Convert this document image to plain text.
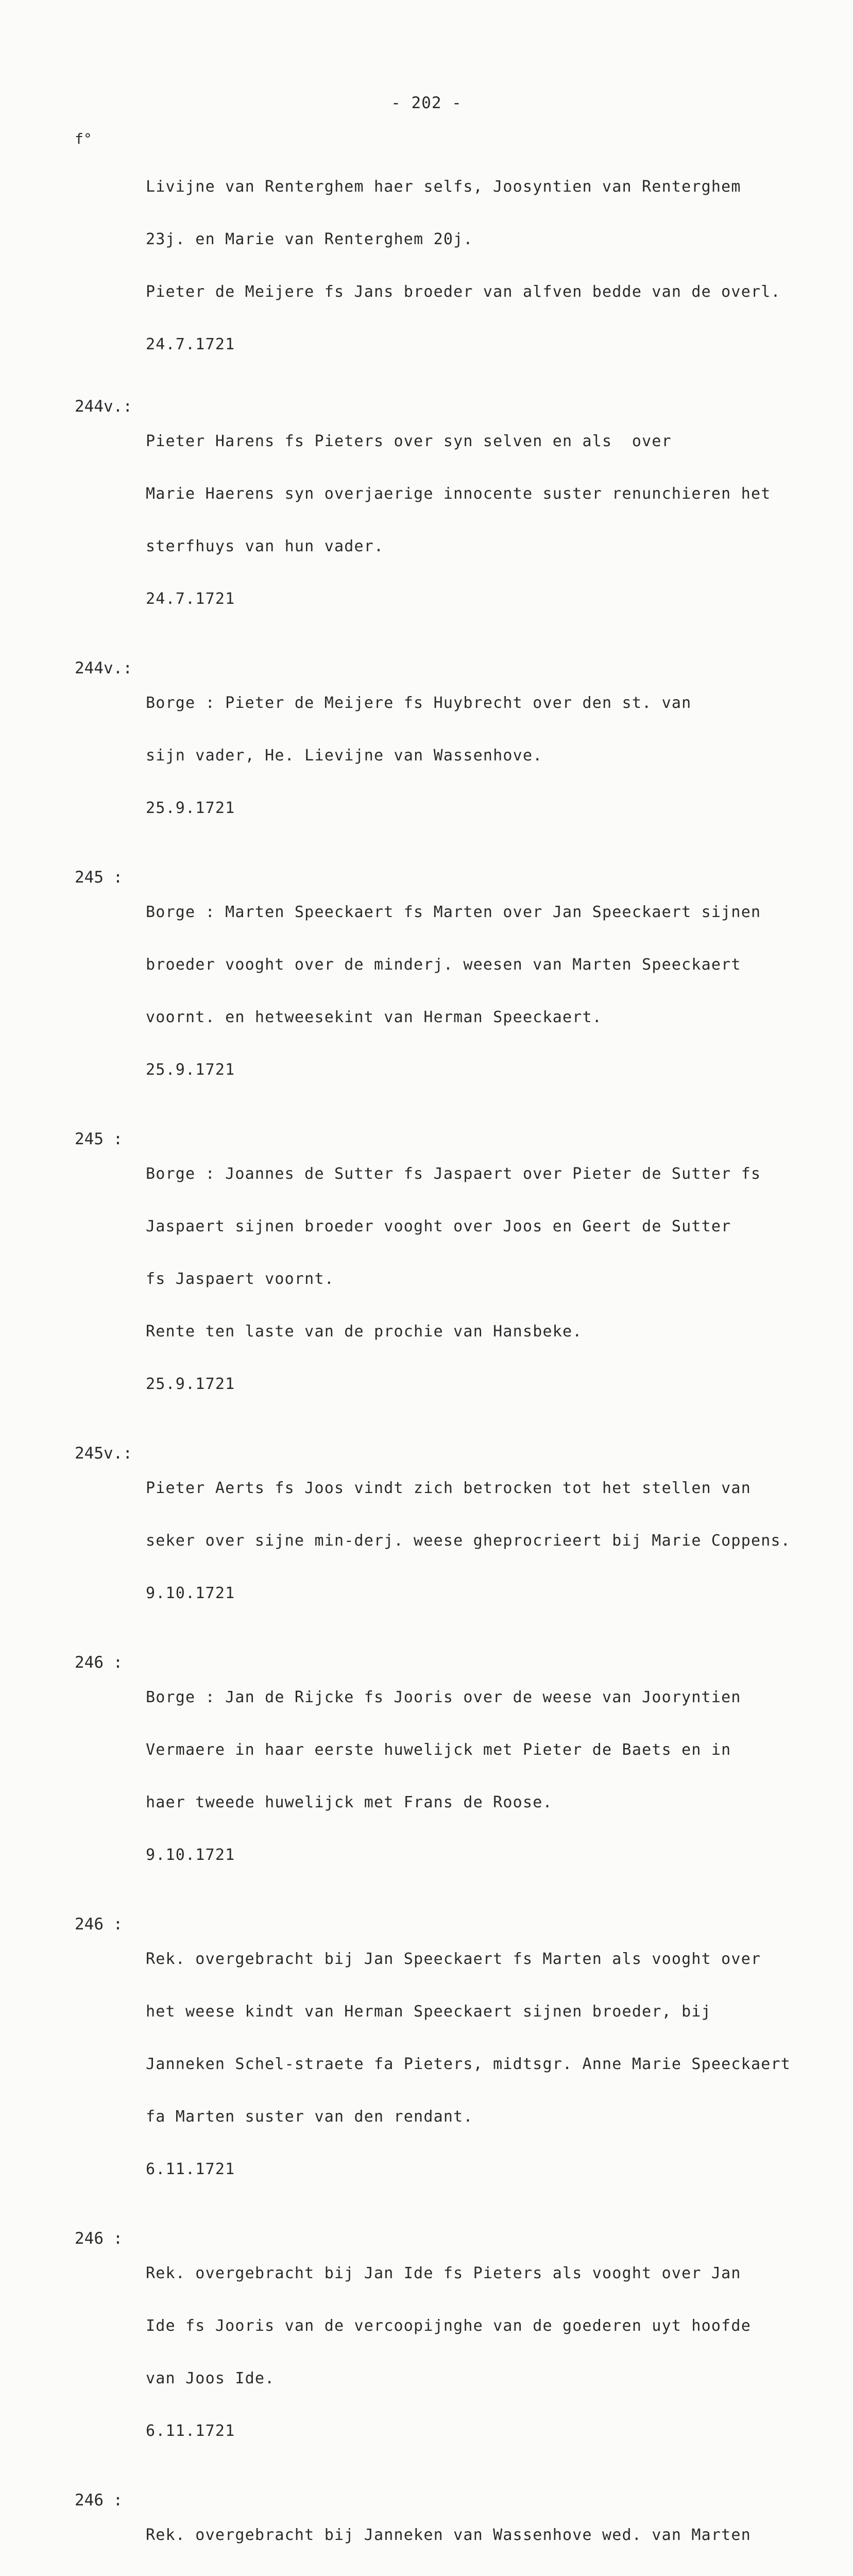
- 202 -
f°

Livijne van Renterghem haer selfs, Joosyntien van Renterghem

23j. en Marie van Renterghem 20j.

Pieter de Meijere fs Jans broeder van alfven bedde van de overl.

24.7.1721

244v.:

Pieter Harens fs Pieters over syn selven en als  over

Marie Haerens syn overjaerige innocente suster renunchieren het

sterfhuys van hun vader.

24.7.1721

244v.:

Borge : Pieter de Meijere fs Huybrecht over den st. van

sijn vader, He. Lievijne van Wassenhove.

25.9.1721

245 :

Borge : Marten Speeckaert fs Marten over Jan Speeckaert sijnen

broeder vooght over de minderj. weesen van Marten Speeckaert

voornt. en hetweesekint van Herman Speeckaert.

25.9.1721

245 :

Borge : Joannes de Sutter fs Jaspaert over Pieter de Sutter fs

Jaspaert sijnen broeder vooght over Joos en Geert de Sutter

fs Jaspaert voornt.

Rente ten laste van de prochie van Hansbeke.

25.9.1721

245v.:

Pieter Aerts fs Joos vindt zich betrocken tot het stellen van

seker over sijne min-derj. weese gheprocrieert bij Marie Coppens.

9.10.1721

246 :

Borge : Jan de Rijcke fs Jooris over de weese van Jooryntien

Vermaere in haar eerste huwelijck met Pieter de Baets en in

haer tweede huwelijck met Frans de Roose.

9.10.1721

246 :

Rek. overgebracht bij Jan Speeckaert fs Marten als vooght over

het weese kindt van Herman Speeckaert sijnen broeder, bij

Janneken Schel-straete fa Pieters, midtsgr. Anne Marie Speeckaert

fa Marten suster van den rendant.

6.11.1721

246 :

Rek. overgebracht bij Jan Ide fs Pieters als vooght over Jan

Ide fs Jooris van de vercoopijnghe van de goederen uyt hoofde

van Joos Ide.

6.11.1721

246 :

Rek. overgebracht bij Janneken van Wassenhove wed. van Marten
